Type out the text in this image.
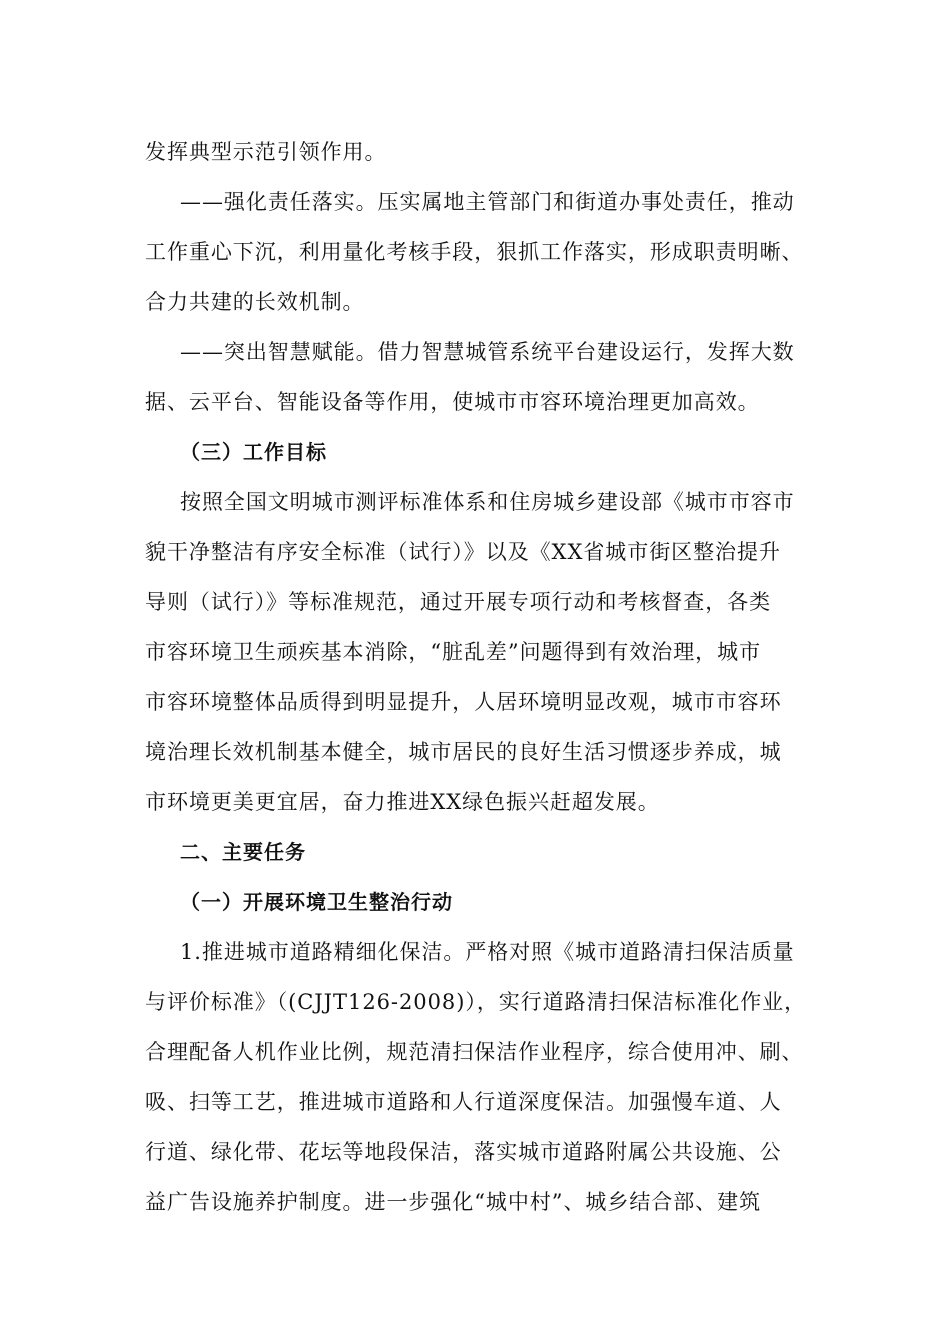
发挥典型示范引领作用。
——强化责任落实。压实属地主管部门和街道办事处责任，推动
工作重心下沉，利用量化考核手段，狠抓工作落实，形成职责明晰、
合力共建的长效机制。
——突出智慧赋能。借力智慧城管系统平台建设运行，发挥大数
据、云平台、智能设备等作用，使城市市容环境治理更加高效。
（三）工作目标
按照全国文明城市测评标准体系和住房城乡建设部《城市市容市
貌干净整洁有序安全标准（试行）》以及《XX省城市街区整治提升
导则（试行）》等标准规范，通过开展专项行动和考核督查，各类
市容环境卫生顽疾基本消除，“脏乱差”问题得到有效治理，城市
市容环境整体品质得到明显提升，人居环境明显改观，城市市容环
境治理长效机制基本健全，城市居民的良好生活习惯逐步养成，城
市环境更美更宜居，奋力推进XX绿色振兴赶超发展。
二、主要任务
（一）开展环境卫生整治行动
1.推进城市道路精细化保洁。严格对照《城市道路清扫保洁质量
与评价标准》（(CJJT126-2008)），实行道路清扫保洁标准化作业，
合理配备人机作业比例，规范清扫保洁作业程序，综合使用冲、刷、
吸、扫等工艺，推进城市道路和人行道深度保洁。加强慢车道、人
行道、绿化带、花坛等地段保洁，落实城市道路附属公共设施、公
益广告设施养护制度。进一步强化“城中村”、城乡结合部、建筑
